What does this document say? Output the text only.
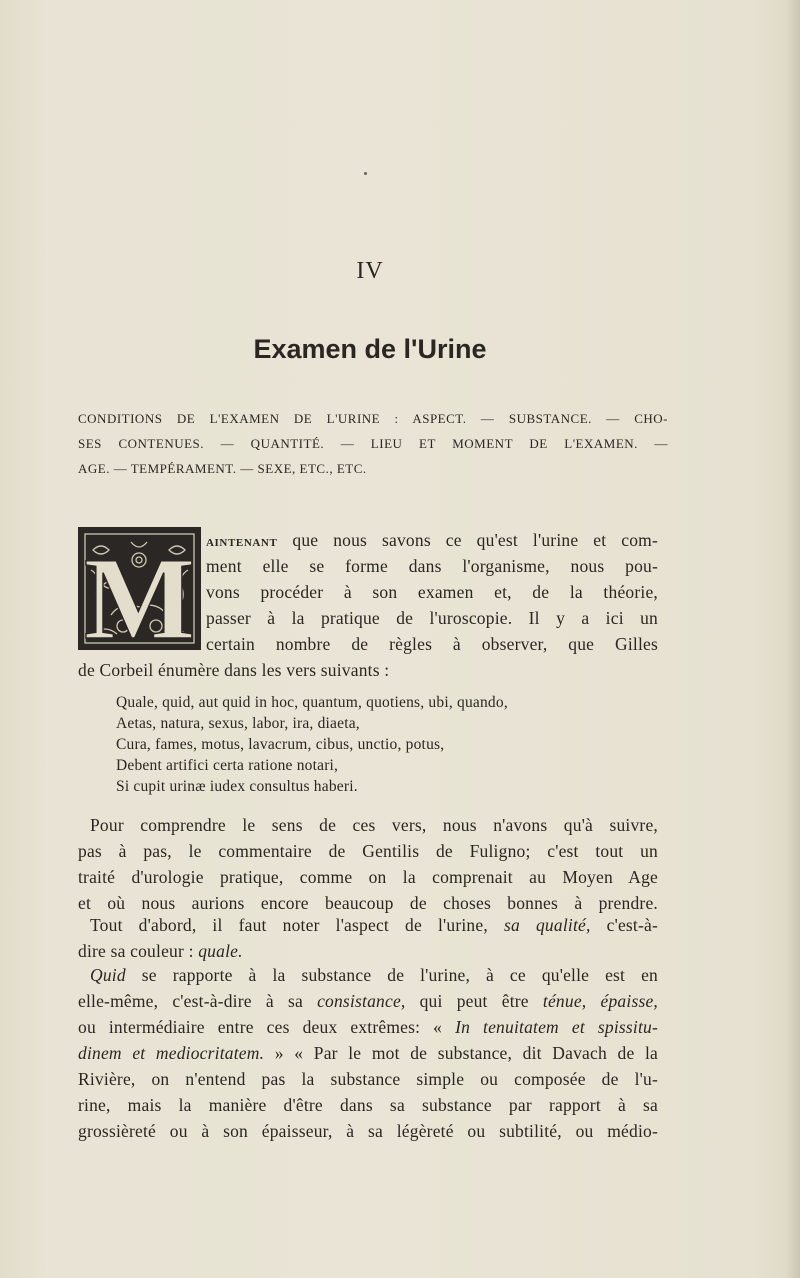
IV
Examen de l'Urine
CONDITIONS DE L'EXAMEN DE L'URINE : ASPECT. — SUBSTANCE. — CHO-
SES CONTENUES. — QUANTITÉ. — LIEU ET MOMENT DE L'EXAMEN. —
AGE. — TEMPÉRAMENT. — SEXE, ETC., ETC.
M aintenant que nous savons ce qu'est l'urine et com-
ment elle se forme dans l'organisme, nous pou-
vons procéder à son examen et, de la théorie,
passer à la pratique de l'uroscopie. Il y a ici un
certain nombre de règles à observer, que Gilles
de Corbeil énumère dans les vers suivants :
Quale, quid, aut quid in hoc, quantum, quotiens, ubi, quando,
Aetas, natura, sexus, labor, ira, diaeta,
Cura, fames, motus, lavacrum, cibus, unctio, potus,
Debent artifici certa ratione notari,
Si cupit urinæ iudex consultus haberi.
Pour comprendre le sens de ces vers, nous n'avons qu'à suivre,
pas à pas, le commentaire de Gentilis de Fuligno; c'est tout un
traité d'urologie pratique, comme on la comprenait au Moyen Age
et où nous aurions encore beaucoup de choses bonnes à prendre.
Tout d'abord, il faut noter l'aspect de l'urine, sa qualité, c'est-à-
dire sa couleur : quale.
Quid se rapporte à la substance de l'urine, à ce qu'elle est en
elle-même, c'est-à-dire à sa consistance, qui peut être ténue, épaisse,
ou intermédiaire entre ces deux extrêmes: « In tenuitatem et spissitu-
dinem et mediocritatem. » « Par le mot de substance, dit Davach de la
Rivière, on n'entend pas la substance simple ou composée de l'u-
rine, mais la manière d'être dans sa substance par rapport à sa
grossièreté ou à son épaisseur, à sa légèreté ou subtilité, ou médio-
